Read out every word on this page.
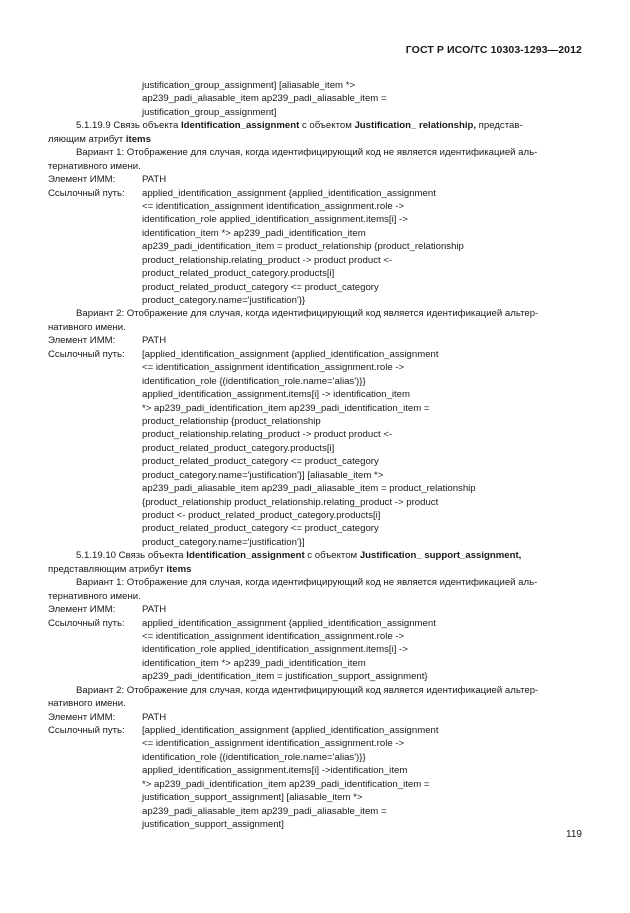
ГОСТ Р ИСО/ТС 10303-1293—2012
justification_group_assignment] [aliasable_item *>
ap239_padi_aliasable_item ap239_padi_aliasable_item =
justification_group_assignment]
5.1.19.9 Связь объекта Identification_assignment с объектом Justification_ relationship, представ-
ляющим атрибут items
Вариант 1: Отображение для случая, когда идентифицирующий код не является идентификацией аль-
тернативного имени.
Элемент ИММ:	PATH
Ссылочный путь: applied_identification_assignment {applied_identification_assignment
<= identification_assignment identification_assignment.role ->
identification_role applied_identification_assignment.items[i] ->
identification_item *> ap239_padi_identification_item
ap239_padi_identification_item = product_relationship {product_relationship
product_relationship.relating_product -> product product <-
product_related_product_category.products[i]
product_related_product_category <= product_category
product_category.name='justification'}}
Вариант 2: Отображение для случая, когда идентифицирующий код является идентификацией альтер-
нативного имени.
Элемент ИММ:	PATH
Ссылочный путь: [applied_identification_assignment {applied_identification_assignment
<= identification_assignment identification_assignment.role ->
identification_role {(identification_role.name='alias')}}
applied_identification_assignment.items[i] -> identification_item
*> ap239_padi_identification_item ap239_padi_identification_item =
product_relationship {product_relationship
product_relationship.relating_product -> product product <-
product_related_product_category.products[i]
product_related_product_category <= product_category
product_category.name='justification'}] [aliasable_item *>
ap239_padi_aliasable_item ap239_padi_aliasable_item = product_relationship
{product_relationship product_relationship.relating_product -> product
product <- product_related_product_category.products[i]
product_related_product_category <= product_category
product_category.name='justification'}]
5.1.19.10 Связь объекта Identification_assignment с объектом Justification_ support_assignment,
представляющим атрибут items
Вариант 1: Отображение для случая, когда идентифицирующий код не является идентификацией аль-
тернативного имени.
Элемент ИММ:	PATH
Ссылочный путь: applied_identification_assignment {applied_identification_assignment
<= identification_assignment identification_assignment.role ->
identification_role applied_identification_assignment.items[i] ->
identification_item *> ap239_padi_identification_item
ap239_padi_identification_item = justification_support_assignment}
Вариант 2: Отображение для случая, когда идентифицирующий код является идентификацией альтер-
нативного имени.
Элемент ИММ:	PATH
Ссылочный путь: [applied_identification_assignment {applied_identification_assignment
<= identification_assignment identification_assignment.role ->
identification_role {(identification_role.name='alias')}}
applied_identification_assignment.items[i] ->identification_item
*> ap239_padi_identification_item ap239_padi_identification_item =
justification_support_assignment] [aliasable_item *>
ap239_padi_aliasable_item ap239_padi_aliasable_item =
justification_support_assignment]
119
